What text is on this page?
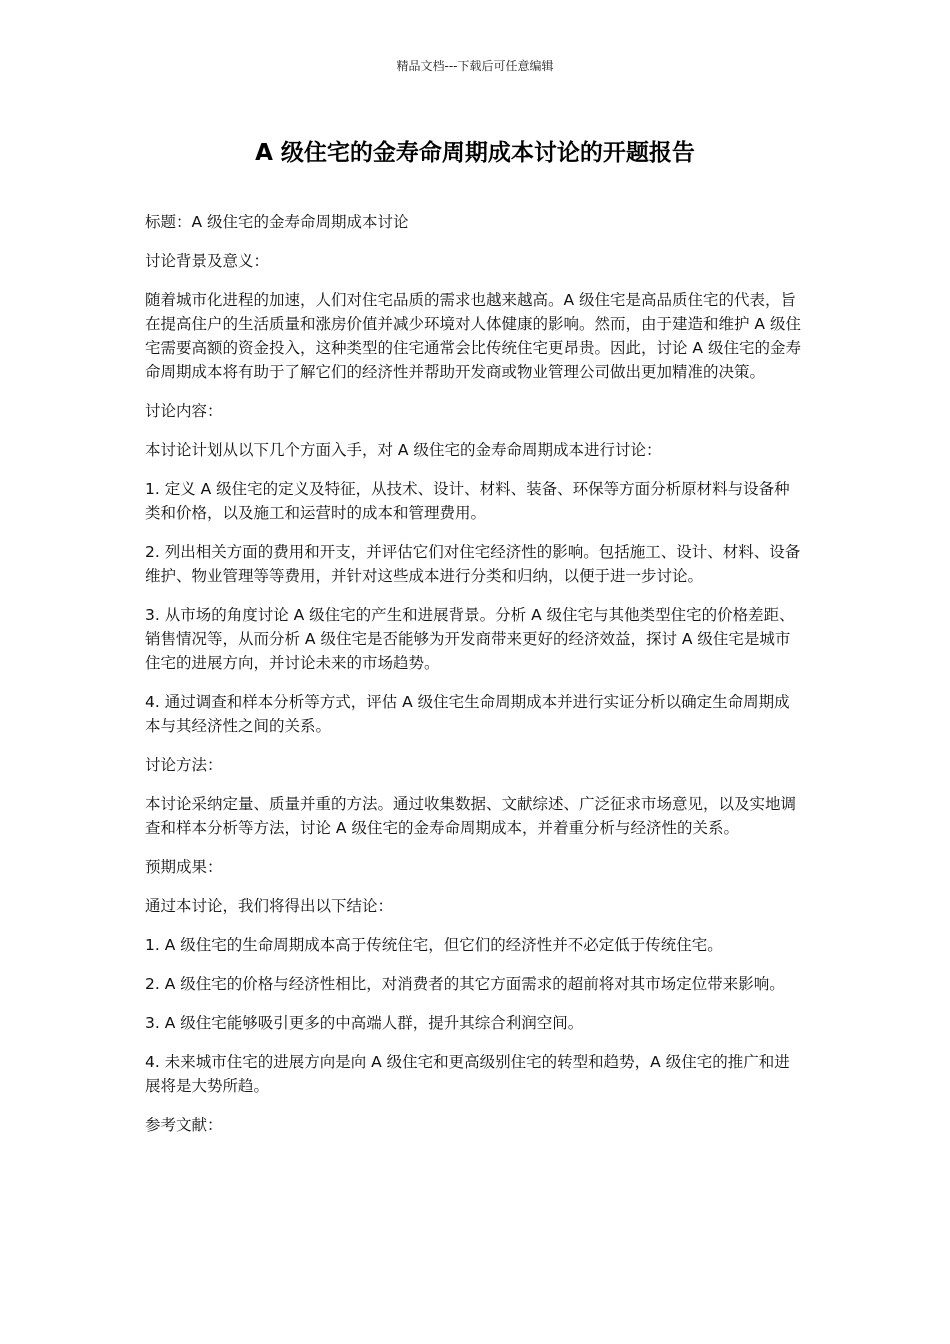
精品文档---下载后可任意编辑
A 级住宅的金寿命周期成本讨论的开题报告

标题：A 级住宅的金寿命周期成本讨论

讨论背景及意义：

随着城市化进程的加速，人们对住宅品质的需求也越来越高。A 级住宅是高品质住宅的代表，旨在提高住户的生活质量和涨房价值并减少环境对人体健康的影响。然而，由于建造和维护 A 级住宅需要高额的资金投入，这种类型的住宅通常会比传统住宅更昂贵。因此，讨论 A 级住宅的金寿命周期成本将有助于了解它们的经济性并帮助开发商或物业管理公司做出更加精准的决策。

讨论内容：

本讨论计划从以下几个方面入手，对 A 级住宅的金寿命周期成本进行讨论：

1. 定义 A 级住宅的定义及特征，从技术、设计、材料、装备、环保等方面分析原材料与设备种类和价格，以及施工和运营时的成本和管理费用。

2. 列出相关方面的费用和开支，并评估它们对住宅经济性的影响。包括施工、设计、材料、设备维护、物业管理等等费用，并针对这些成本进行分类和归纳，以便于进一步讨论。

3. 从市场的角度讨论 A 级住宅的产生和进展背景。分析 A 级住宅与其他类型住宅的价格差距、销售情况等，从而分析 A 级住宅是否能够为开发商带来更好的经济效益，探讨 A 级住宅是城市住宅的进展方向，并讨论未来的市场趋势。

4. 通过调查和样本分析等方式，评估 A 级住宅生命周期成本并进行实证分析以确定生命周期成本与其经济性之间的关系。

讨论方法：

本讨论采纳定量、质量并重的方法。通过收集数据、文献综述、广泛征求市场意见，以及实地调查和样本分析等方法，讨论 A 级住宅的金寿命周期成本，并着重分析与经济性的关系。

预期成果：

通过本讨论，我们将得出以下结论：

1. A 级住宅的生命周期成本高于传统住宅，但它们的经济性并不必定低于传统住宅。

2. A 级住宅的价格与经济性相比，对消费者的其它方面需求的超前将对其市场定位带来影响。

3. A 级住宅能够吸引更多的中高端人群，提升其综合利润空间。

4. 未来城市住宅的进展方向是向 A 级住宅和更高级别住宅的转型和趋势，A 级住宅的推广和进展将是大势所趋。

参考文献：
